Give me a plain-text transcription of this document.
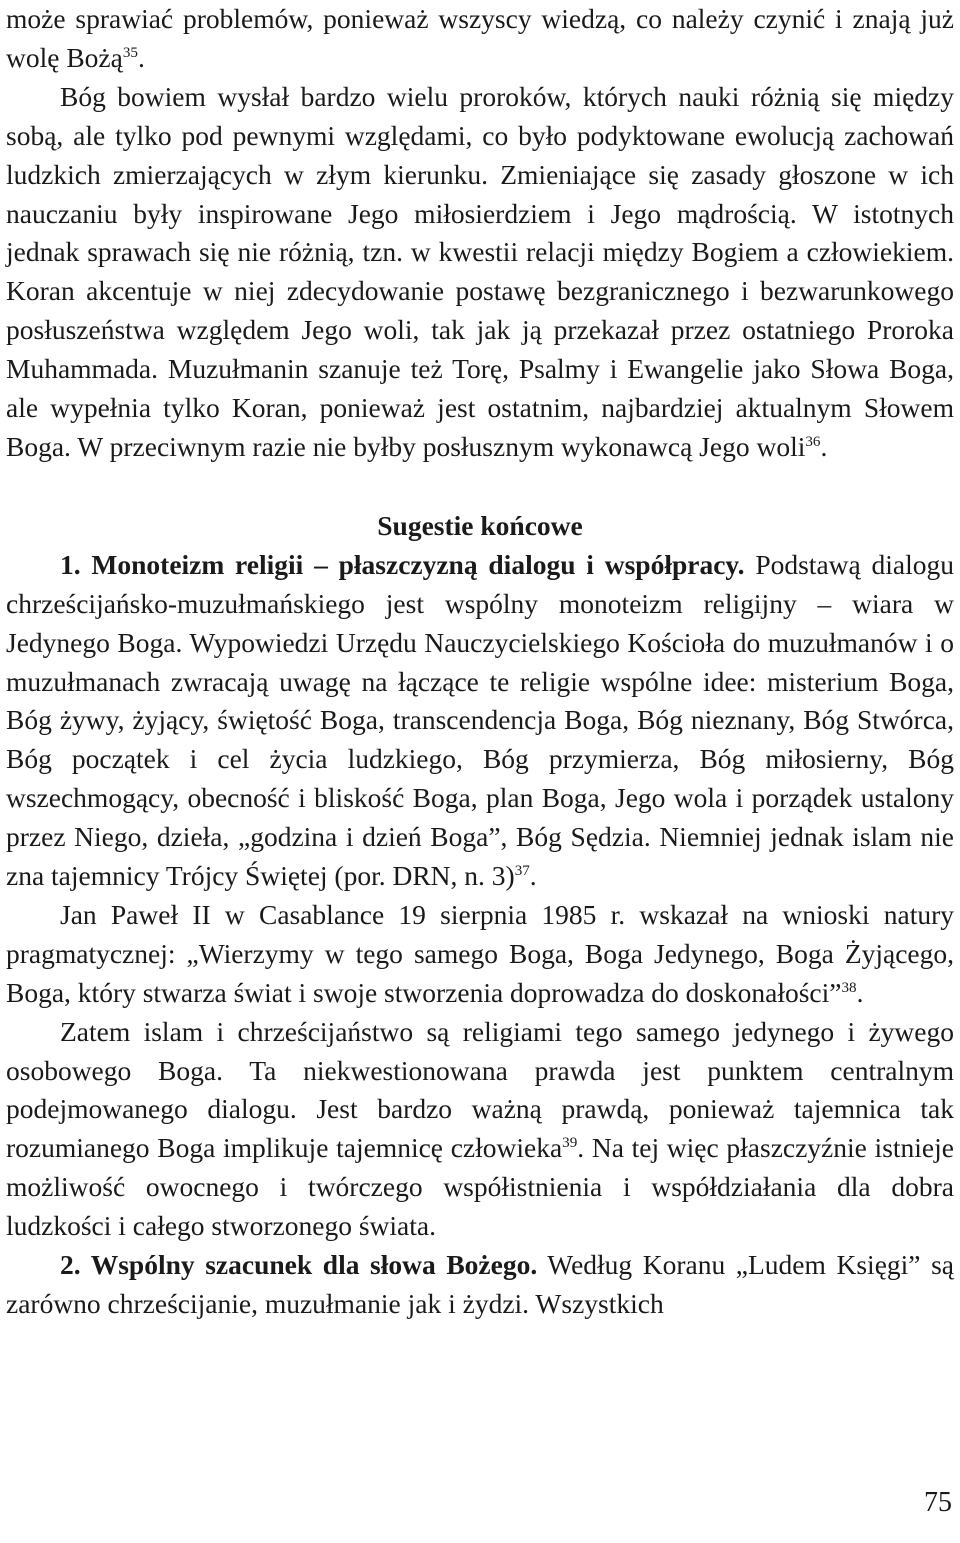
może sprawiać problemów, ponieważ wszyscy wiedzą, co należy czynić i znają już wolę Bożą$^{35}$.

Bóg bowiem wysłał bardzo wielu proroków, których nauki różnią się między sobą, ale tylko pod pewnymi względami, co było podyktowane ewolucją zachowań ludzkich zmierzających w złym kierunku. Zmieniające się zasady głoszone w ich nauczaniu były inspirowane Jego miłosierdziem i Jego mądrością. W istotnych jednak sprawach się nie różnią, tzn. w kwestii relacji między Bogiem a człowiekiem. Koran akcentuje w niej zdecydowanie postawę bezgranicznego i bezwarunkowego posłuszeństwa względem Jego woli, tak jak ją przekazał przez ostatniego Proroka Muhammada. Muzułmanin szanuje też Torę, Psalmy i Ewangelie jako Słowa Boga, ale wypełnia tylko Koran, ponieważ jest ostatnim, najbardziej aktualnym Słowem Boga. W przeciwnym razie nie byłby posłusznym wykonawcą Jego woli$^{36}$.

Sugestie końcowe

1. Monoteizm religii – płaszczyzną dialogu i współpracy. Podstawą dialogu chrześcijańsko-muzułmańskiego jest wspólny monoteizm religijny – wiara w Jedynego Boga. Wypowiedzi Urzędu Nauczycielskiego Kościoła do muzułmanów i o muzułmanach zwracają uwagę na łączące te religie wspólne idee: misterium Boga, Bóg żywy, żyjący, świętość Boga, transcendencja Boga, Bóg nieznany, Bóg Stwórca, Bóg początek i cel życia ludzkiego, Bóg przymierza, Bóg miłosierny, Bóg wszechmogący, obecność i bliskość Boga, plan Boga, Jego wola i porządek ustalony przez Niego, dzieła, „godzina i dzień Boga”, Bóg Sędzia. Niemniej jednak islam nie zna tajemnicy Trójcy Świętej (por. DRN, n. 3)$^{37}$.

Jan Paweł II w Casablance 19 sierpnia 1985 r. wskazał na wnioski natury pragmatycznej: „Wierzymy w tego samego Boga, Boga Jedynego, Boga Żyjącego, Boga, który stwarza świat i swoje stworzenia doprowadza do doskonałości”$^{38}$.

Zatem islam i chrześcijaństwo są religiami tego samego jedynego i żywego osobowego Boga. Ta niekwestionowana prawda jest punktem centralnym podejmowanego dialogu. Jest bardzo ważną prawdą, ponieważ tajemnica tak rozumianego Boga implikuje tajemnicę człowieka$^{39}$. Na tej więc płaszczyźnie istnieje możliwość owocnego i twórczego współistnienia i współdziałania dla dobra ludzkości i całego stworzonego świata.

2. Wspólny szacunek dla słowa Bożego. Według Koranu „Ludem Księgi” są zarówno chrześcijanie, muzułmanie jak i żydzi. Wszystkich

75
